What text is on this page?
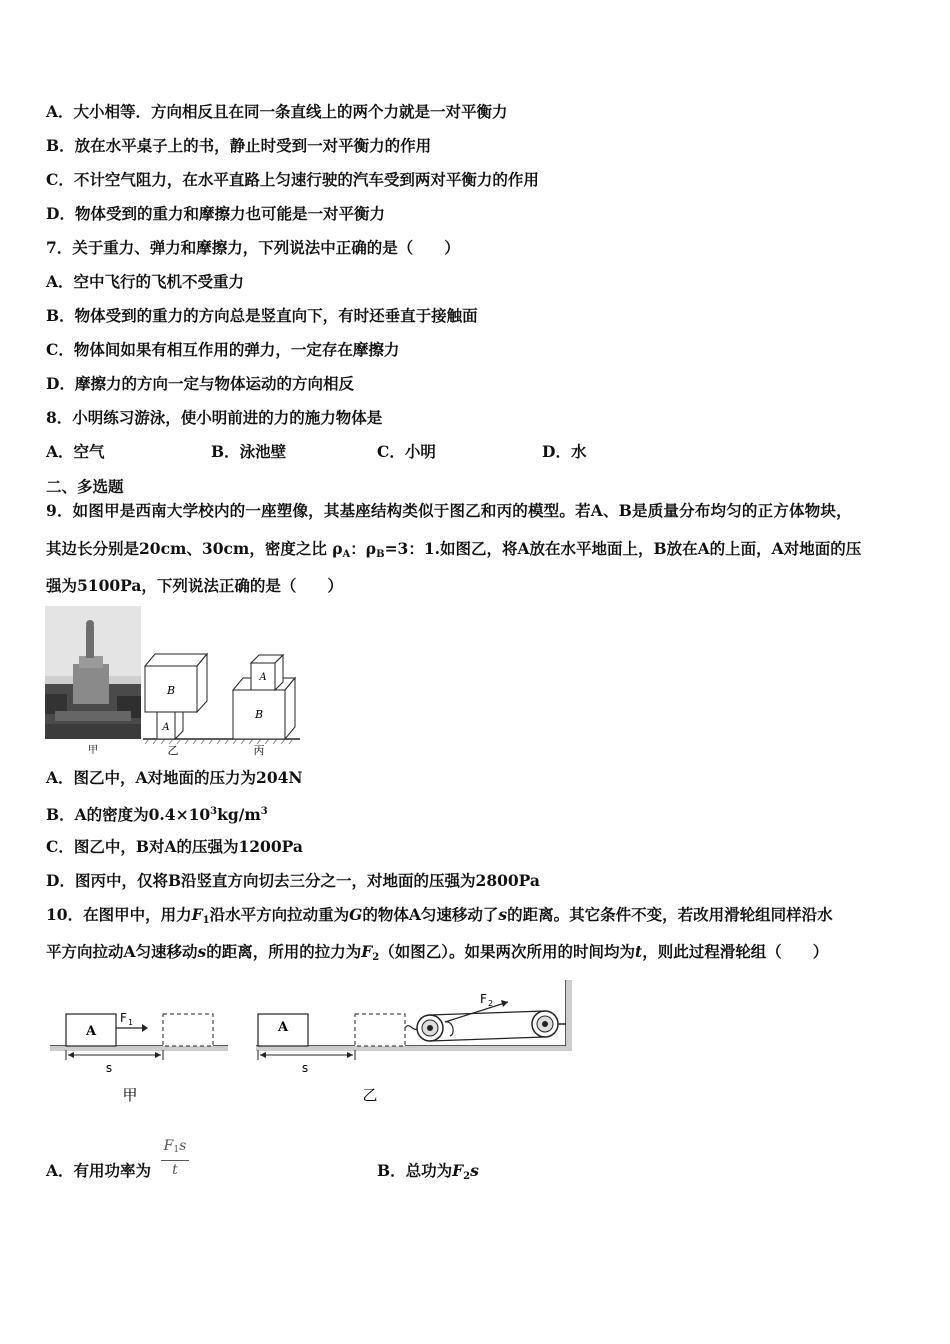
A．大小相等．方向相反且在同一条直线上的两个力就是一对平衡力
B．放在水平桌子上的书，静止时受到一对平衡力的作用
C．不计空气阻力，在水平直路上匀速行驶的汽车受到两对平衡力的作用
D．物体受到的重力和摩擦力也可能是一对平衡力
7．关于重力、弹力和摩擦力，下列说法中正确的是（　　）
A．空中飞行的飞机不受重力
B．物体受到的重力的方向总是竖直向下，有时还垂直于接触面
C．物体间如果有相互作用的弹力，一定存在摩擦力
D．摩擦力的方向一定与物体运动的方向相反
8．小明练习游泳，使小明前进的力的施力物体是
A．空气	B．泳池壁	C．小明	D．水
二、多选题
9．如图甲是西南大学校内的一座塑像，其基座结构类似于图乙和丙的模型。若A、B是质量分布均匀的正方体物块，
其边长分别是20cm、30cm，密度之比 $\rho_A$：$\rho_B=3$：1.如图乙，将A放在水平地面上，B放在A的上面，A对地面的压
强为5100Pa，下列说法正确的是（　　）
A
B
A
B
甲	乙	丙
A．图乙中，A对地面的压力为204N
B．A的密度为$0.4\times 10^3kg/m^3$
C．图乙中，B对A的压强为1200Pa
D．图丙中，仅将B沿竖直方向切去三分之一，对地面的压强为2800Pa
10．在图甲中，用力$F_1$沿水平方向拉动重为G的物体A匀速移动了s的距离。其它条件不变，若改用滑轮组同样沿水
平方向拉动A匀速移动s的距离，所用的拉力为$F_2$（如图乙）。如果两次所用的时间均为t，则此过程滑轮组（　　）
A
F 1
s
甲
A
F 2
s
乙
A．有用功率为
F1s
t	B．总功为$F_2s$
